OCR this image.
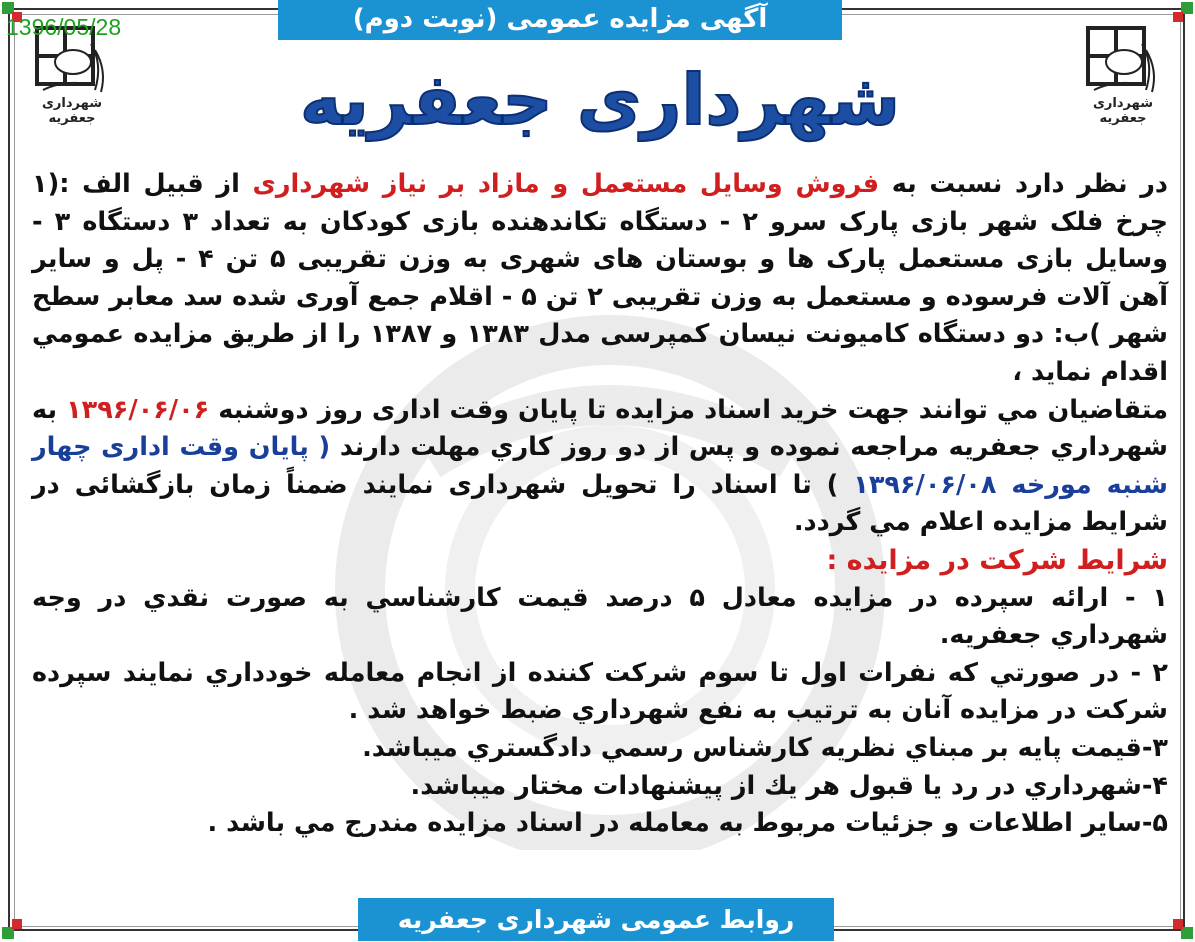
1396/05/28	آگهی مزایده عمومی (نوبت دوم)
شهرداری جعفریه
شهرداری جعفریه
شهرداری جعفریه

در نظر دارد نسبت به فروش وسایل مستعمل و مازاد بر نیاز شهرداری از قبیل الف :(۱ چرخ فلک شهر بازی پارک سرو ۲ - دستگاه تکاندهنده بازی کودکان به تعداد ۳ دستگاه ۳ - وسایل بازی مستعمل پارک ها و بوستان های شهری به وزن تقریبی ۵ تن ۴ - پل و سایر آهن آلات فرسوده و مستعمل به وزن تقریبی ۲ تن ۵ - اقلام جمع آوری شده سد معابر سطح شهر )ب: دو دستگاه کامیونت نیسان کمپرسی مدل ۱۳۸۳ و ۱۳۸۷ را از طریق مزایده عمومي اقدام نماید ،

متقاضیان مي توانند جهت خرید اسناد مزایده تا پایان وقت اداری روز دوشنبه ۱۳۹۶/۰۶/۰۶ به شهرداري جعفریه مراجعه نموده و پس از دو روز كاري مهلت دارند ( پایان وقت اداری چهار شنبه مورخه ۱۳۹۶/۰۶/۰۸ ) تا اسناد را تحویل شهرداری نمایند ضمناً زمان بازگشائی در شرایط مزایده اعلام مي گردد.

شرایط شرکت در مزایده :

۱ - ارائه سپرده در مزایده معادل ۵ درصد قیمت كارشناسي به صورت نقدي در وجه شهرداري جعفريه.

۲ - در صورتي كه نفرات اول تا سوم شرکت کننده از انجام معامله خودداري نمايند سپرده شركت در مزایده آنان به ترتيب به نفع شهرداري ضبط خواهد شد .

۳-قيمت پايه بر مبناي نظريه كارشناس رسمي دادگستري ميباشد.

۴-شهرداري در رد يا قبول هر يك از پيشنهادات مختار ميباشد.

۵-ساير اطلاعات و جزئيات مربوط به معامله در اسناد مزايده مندرج مي باشد .

روابط عمومی شهرداری جعفریه
